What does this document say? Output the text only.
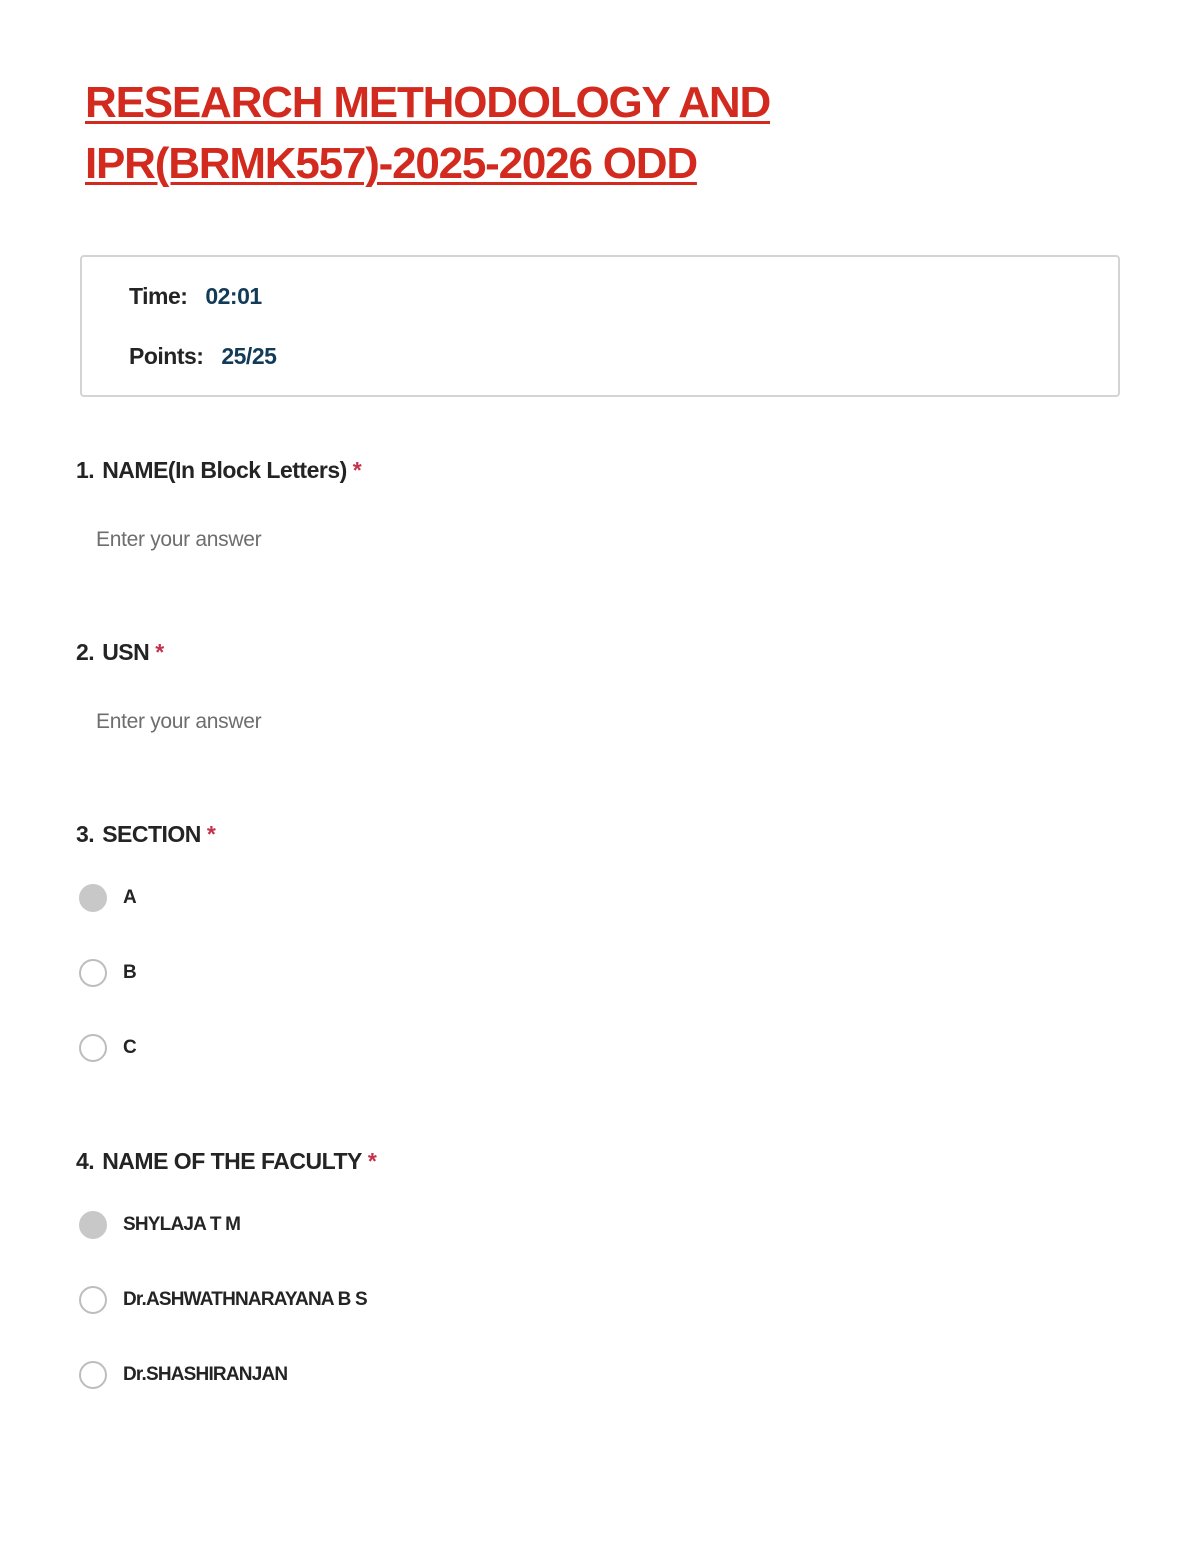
RESEARCH METHODOLOGY AND IPR(BRMK557)-2025-2026 ODD
Time: 02:01
Points: 25/25
1. NAME(In Block Letters) *
Enter your answer
2. USN *
Enter your answer
3. SECTION *
A
B
C
4. NAME OF THE FACULTY *
SHYLAJA T M
Dr.ASHWATHNARAYANA B S
Dr.SHASHIRANJAN
